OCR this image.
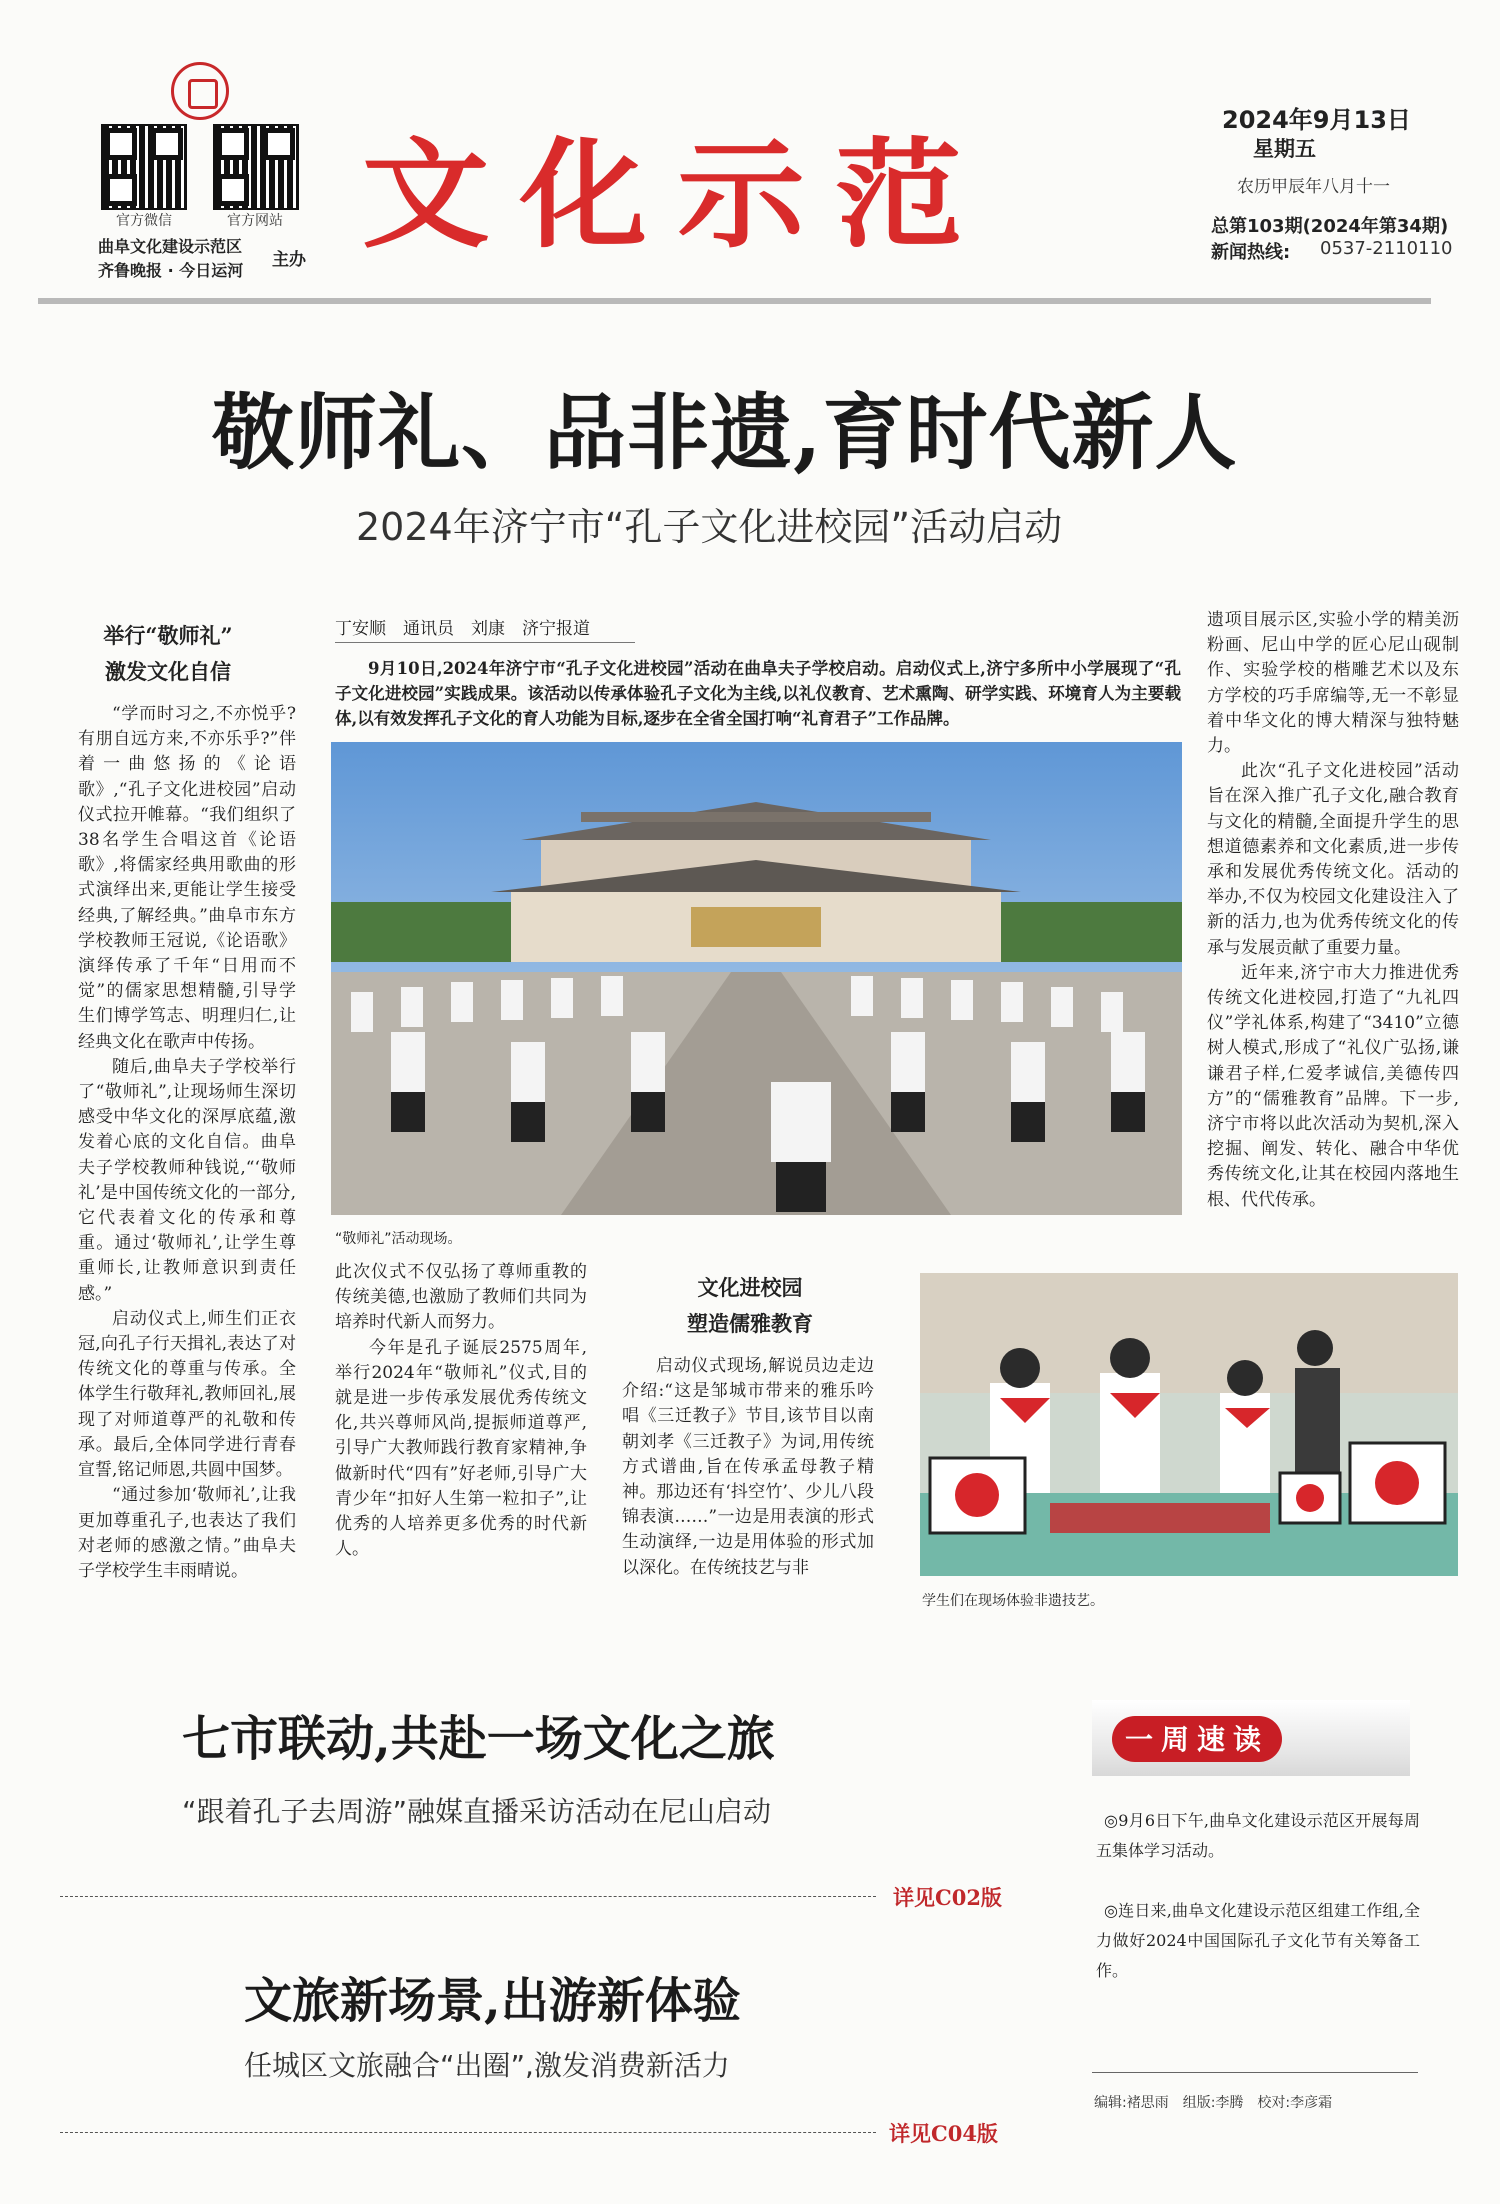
官方微信	官方网站
曲阜文化建设示范区
齐鲁晚报 · 今日运河
主办 文化示范
2024年9月13日
星期五
农历甲辰年八月十一
总第103期(2024年第34期)
新闻热线: 0537-2110110
敬师礼、品非遗,育时代新人
2024年济宁市“孔子文化进校园”活动启动
举行“敬师礼”
激发文化自信

“学而时习之,不亦悦乎?有朋自远方来,不亦乐乎?”伴着一曲悠扬的《论语歌》,“孔子文化进校园”启动仪式拉开帷幕。“我们组织了38名学生合唱这首《论语歌》,将儒家经典用歌曲的形式演绎出来,更能让学生接受经典,了解经典。”曲阜市东方学校教师王冠说,《论语歌》演绎传承了千年“日用而不觉”的儒家思想精髓,引导学生们博学笃志、明理归仁,让经典文化在歌声中传扬。

随后,曲阜夫子学校举行了“敬师礼”,让现场师生深切感受中华文化的深厚底蕴,激发着心底的文化自信。曲阜夫子学校教师种钱说,“‘敬师礼’是中国传统文化的一部分,它代表着文化的传承和尊重。通过‘敬师礼’,让学生尊重师长,让教师意识到责任感。”

启动仪式上,师生们正衣冠,向孔子行天揖礼,表达了对传统文化的尊重与传承。全体学生行敬拜礼,教师回礼,展现了对师道尊严的礼敬和传承。最后,全体同学进行青春宣誓,铭记师恩,共圆中国梦。

“通过参加‘敬师礼’,让我更加尊重孔子,也表达了我们对老师的感激之情。”曲阜夫子学校学生丰雨晴说。

丁安顺　通讯员　刘康　济宁报道

9月10日,2024年济宁市“孔子文化进校园”活动在曲阜夫子学校启动。启动仪式上,济宁多所中小学展现了“孔子文化进校园”实践成果。该活动以传承体验孔子文化为主线,以礼仪教育、艺术熏陶、研学实践、环境育人为主要载体,以有效发挥孔子文化的育人功能为目标,逐步在全省全国打响“礼育君子”工作品牌。

“敬师礼”活动现场。

此次仪式不仅弘扬了尊师重教的传统美德,也激励了教师们共同为培养时代新人而努力。

今年是孔子诞辰2575周年,举行2024年“敬师礼”仪式,目的就是进一步传承发展优秀传统文化,共兴尊师风尚,提振师道尊严,引导广大教师践行教育家精神,争做新时代“四有”好老师,引导广大青少年“扣好人生第一粒扣子”,让优秀的人培养更多优秀的时代新人。

文化进校园
塑造儒雅教育

启动仪式现场,解说员边走边介绍:“这是邹城市带来的雅乐吟唱《三迁教子》节目,该节目以南朝刘孝《三迁教子》为词,用传统方式谱曲,旨在传承孟母教子精神。那边还有‘抖空竹’、少儿八段锦表演……”一边是用表演的形式生动演绎,一边是用体验的形式加以深化。在传统技艺与非

遗项目展示区,实验小学的精美沥粉画、尼山中学的匠心尼山砚制作、实验学校的楷雕艺术以及东方学校的巧手席编等,无一不彰显着中华文化的博大精深与独特魅力。

此次“孔子文化进校园”活动旨在深入推广孔子文化,融合教育与文化的精髓,全面提升学生的思想道德素养和文化素质,进一步传承和发展优秀传统文化。活动的举办,不仅为校园文化建设注入了新的活力,也为优秀传统文化的传承与发展贡献了重要力量。

近年来,济宁市大力推进优秀传统文化进校园,打造了“九礼四仪”学礼体系,构建了“3410”立德树人模式,形成了“礼仪广弘扬,谦谦君子样,仁爱孝诚信,美德传四方”的“儒雅教育”品牌。下一步,济宁市将以此次活动为契机,深入挖掘、阐发、转化、融合中华优秀传统文化,让其在校园内落地生根、代代传承。

学生们在现场体验非遗技艺。
七市联动,共赴一场文化之旅
“跟着孔子去周游”融媒直播采访活动在尼山启动
详见C02版
文旅新场景,出游新体验
任城区文旅融合“出圈”,激发消费新活力
详见C04版
一周速读
◎9月6日下午,曲阜文化建设示范区开展每周五集体学习活动。
◎连日来,曲阜文化建设示范区组建工作组,全力做好2024中国国际孔子文化节有关筹备工作。
编辑:褚思雨　组版:李腾　校对:李彦霜
